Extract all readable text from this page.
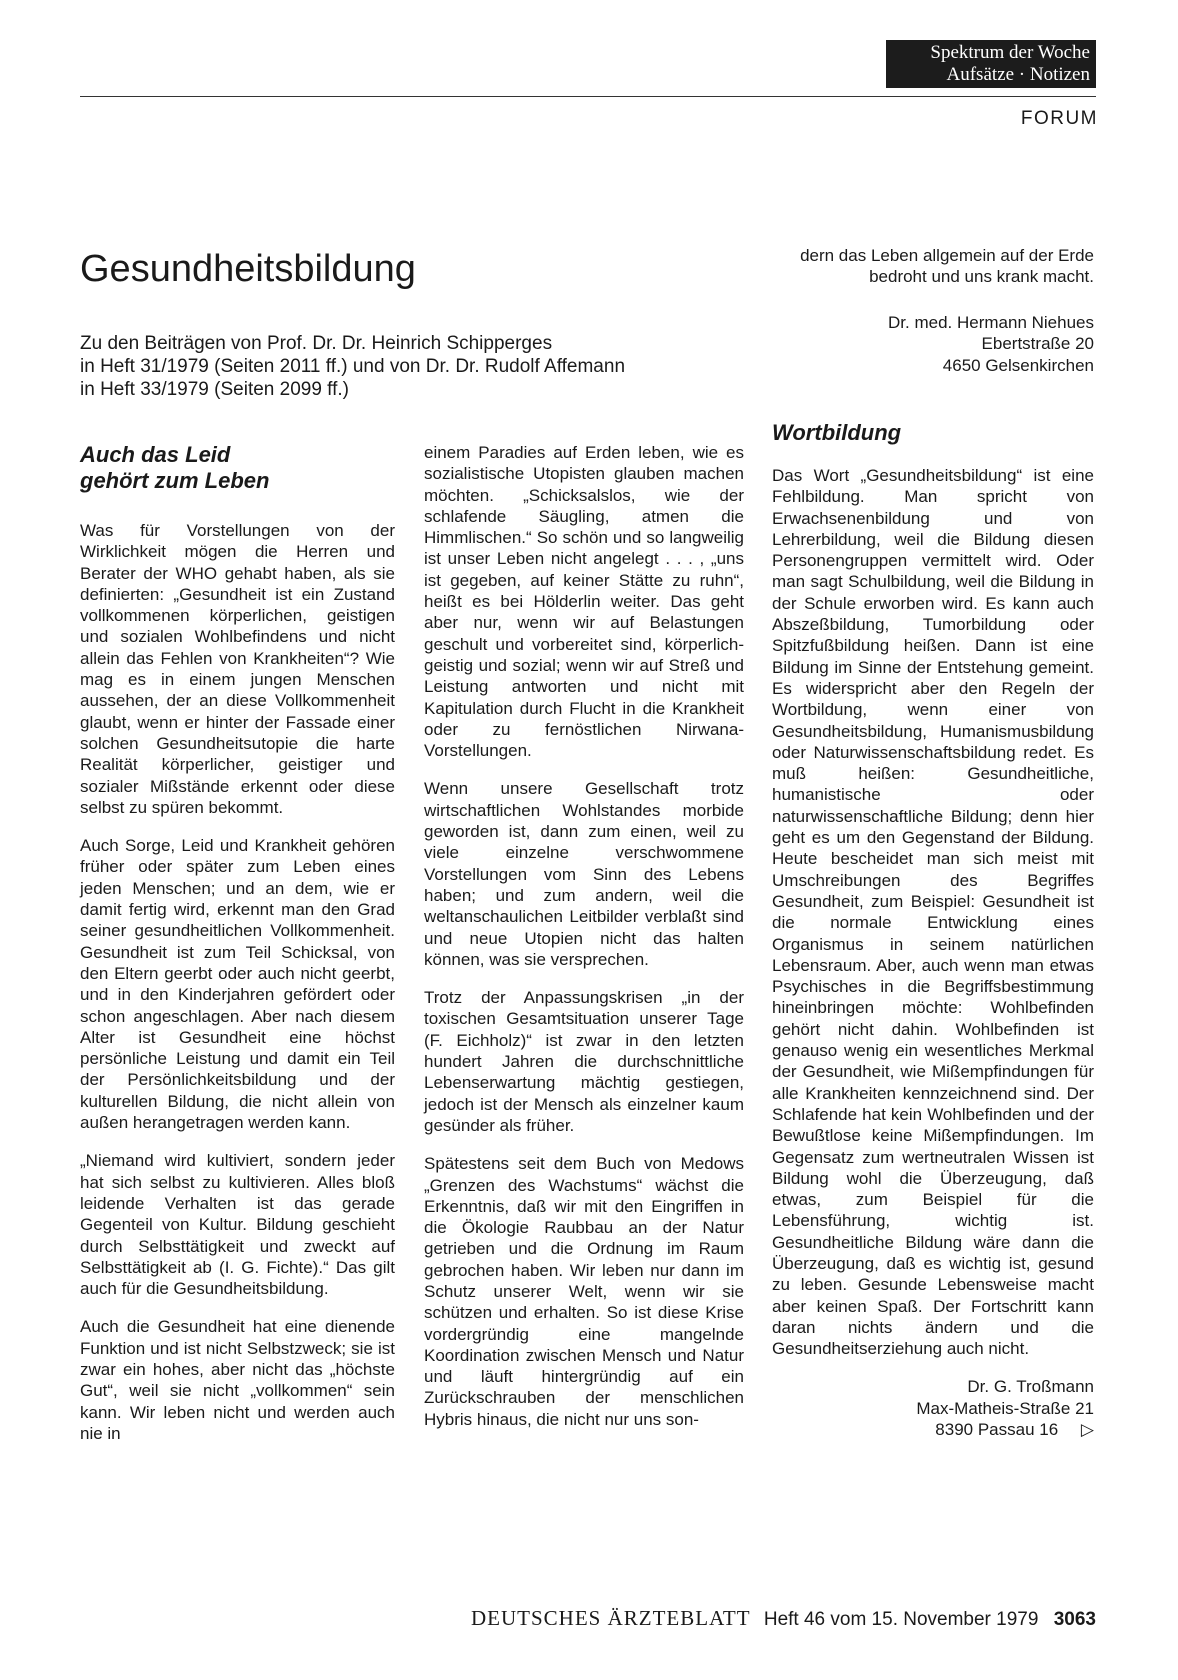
Spektrum der Woche
Aufsätze · Notizen
FORUM
Gesundheitsbildung
Zu den Beiträgen von Prof. Dr. Dr. Heinrich Schipperges
in Heft 31/1979 (Seiten 2011 ff.) und von Dr. Dr. Rudolf Affemann
in Heft 33/1979 (Seiten 2099 ff.)
Auch das Leid
gehört zum Leben

Was für Vorstellungen von der Wirklichkeit mögen die Herren und Berater der WHO gehabt haben, als sie definierten: „Gesundheit ist ein Zustand vollkommenen körperlichen, geistigen und sozialen Wohlbefindens und nicht allein das Fehlen von Krankheiten“? Wie mag es in einem jungen Menschen aussehen, der an diese Vollkommenheit glaubt, wenn er hinter der Fassade einer solchen Gesundheitsutopie die harte Realität körperlicher, geistiger und sozialer Mißstände erkennt oder diese selbst zu spüren bekommt.

Auch Sorge, Leid und Krankheit gehören früher oder später zum Leben eines jeden Menschen; und an dem, wie er damit fertig wird, erkennt man den Grad seiner gesundheitlichen Vollkommenheit. Gesundheit ist zum Teil Schicksal, von den Eltern geerbt oder auch nicht geerbt, und in den Kinderjahren gefördert oder schon angeschlagen. Aber nach diesem Alter ist Gesundheit eine höchst persönliche Leistung und damit ein Teil der Persönlichkeitsbildung und der kulturellen Bildung, die nicht allein von außen herangetragen werden kann.

„Niemand wird kultiviert, sondern jeder hat sich selbst zu kultivieren. Alles bloß leidende Verhalten ist das gerade Gegenteil von Kultur. Bildung geschieht durch Selbsttätigkeit und zweckt auf Selbsttätigkeit ab (I. G. Fichte).“ Das gilt auch für die Gesundheitsbildung.

Auch die Gesundheit hat eine dienende Funktion und ist nicht Selbstzweck; sie ist zwar ein hohes, aber nicht das „höchste Gut“, weil sie nicht „vollkommen“ sein kann. Wir leben nicht und werden auch nie in

einem Paradies auf Erden leben, wie es sozialistische Utopisten glauben machen möchten. „Schicksalslos, wie der schlafende Säugling, atmen die Himmlischen.“ So schön und so langweilig ist unser Leben nicht angelegt . . . , „uns ist gegeben, auf keiner Stätte zu ruhn“, heißt es bei Hölderlin weiter. Das geht aber nur, wenn wir auf Belastungen geschult und vorbereitet sind, körperlich-geistig und sozial; wenn wir auf Streß und Leistung antworten und nicht mit Kapitulation durch Flucht in die Krankheit oder zu fernöstlichen Nirwana-Vorstellungen.

Wenn unsere Gesellschaft trotz wirtschaftlichen Wohlstandes morbide geworden ist, dann zum einen, weil zu viele einzelne verschwommene Vorstellungen vom Sinn des Lebens haben; und zum andern, weil die weltanschaulichen Leitbilder verblaßt sind und neue Utopien nicht das halten können, was sie versprechen.

Trotz der Anpassungskrisen „in der toxischen Gesamtsituation unserer Tage (F. Eichholz)“ ist zwar in den letzten hundert Jahren die durchschnittliche Lebenserwartung mächtig gestiegen, jedoch ist der Mensch als einzelner kaum gesünder als früher.

Spätestens seit dem Buch von Medows „Grenzen des Wachstums“ wächst die Erkenntnis, daß wir mit den Eingriffen in die Ökologie Raubbau an der Natur getrieben und die Ordnung im Raum gebrochen haben. Wir leben nur dann im Schutz unserer Welt, wenn wir sie schützen und erhalten. So ist diese Krise vordergründig eine mangelnde Koordination zwischen Mensch und Natur und läuft hintergründig auf ein Zurückschrauben der menschlichen Hybris hinaus, die nicht nur uns son-

dern das Leben allgemein auf der Erde bedroht und uns krank macht.
Dr. med. Hermann Niehues
Ebertstraße 20
4650 Gelsenkirchen
Wortbildung

Das Wort „Gesundheitsbildung“ ist eine Fehlbildung. Man spricht von Erwachsenenbildung und von Lehrerbildung, weil die Bildung diesen Personengruppen vermittelt wird. Oder man sagt Schulbildung, weil die Bildung in der Schule erworben wird. Es kann auch Abszeßbildung, Tumorbildung oder Spitzfußbildung heißen. Dann ist eine Bildung im Sinne der Entstehung gemeint. Es widerspricht aber den Regeln der Wortbildung, wenn einer von Gesundheitsbildung, Humanismusbildung oder Naturwissenschaftsbildung redet. Es muß heißen: Gesundheitliche, humanistische oder naturwissenschaftliche Bildung; denn hier geht es um den Gegenstand der Bildung. Heute bescheidet man sich meist mit Umschreibungen des Begriffes Gesundheit, zum Beispiel: Gesundheit ist die normale Entwicklung eines Organismus in seinem natürlichen Lebensraum. Aber, auch wenn man etwas Psychisches in die Begriffsbestimmung hineinbringen möchte: Wohlbefinden gehört nicht dahin. Wohlbefinden ist genauso wenig ein wesentliches Merkmal der Gesundheit, wie Mißempfindungen für alle Krankheiten kennzeichnend sind. Der Schlafende hat kein Wohlbefinden und der Bewußtlose keine Mißempfindungen. Im Gegensatz zum wertneutralen Wissen ist Bildung wohl die Überzeugung, daß etwas, zum Beispiel für die Lebensführung, wichtig ist. Gesundheitliche Bildung wäre dann die Überzeugung, daß es wichtig ist, gesund zu leben. Gesunde Lebensweise macht aber keinen Spaß. Der Fortschritt kann daran nichts ändern und die Gesundheitserziehung auch nicht.

Dr. G. Troßmann
Max-Matheis-Straße 21
8390 Passau 16 ▷
DEUTSCHES ÄRZTEBLATT Heft 46 vom 15. November 1979 3063
